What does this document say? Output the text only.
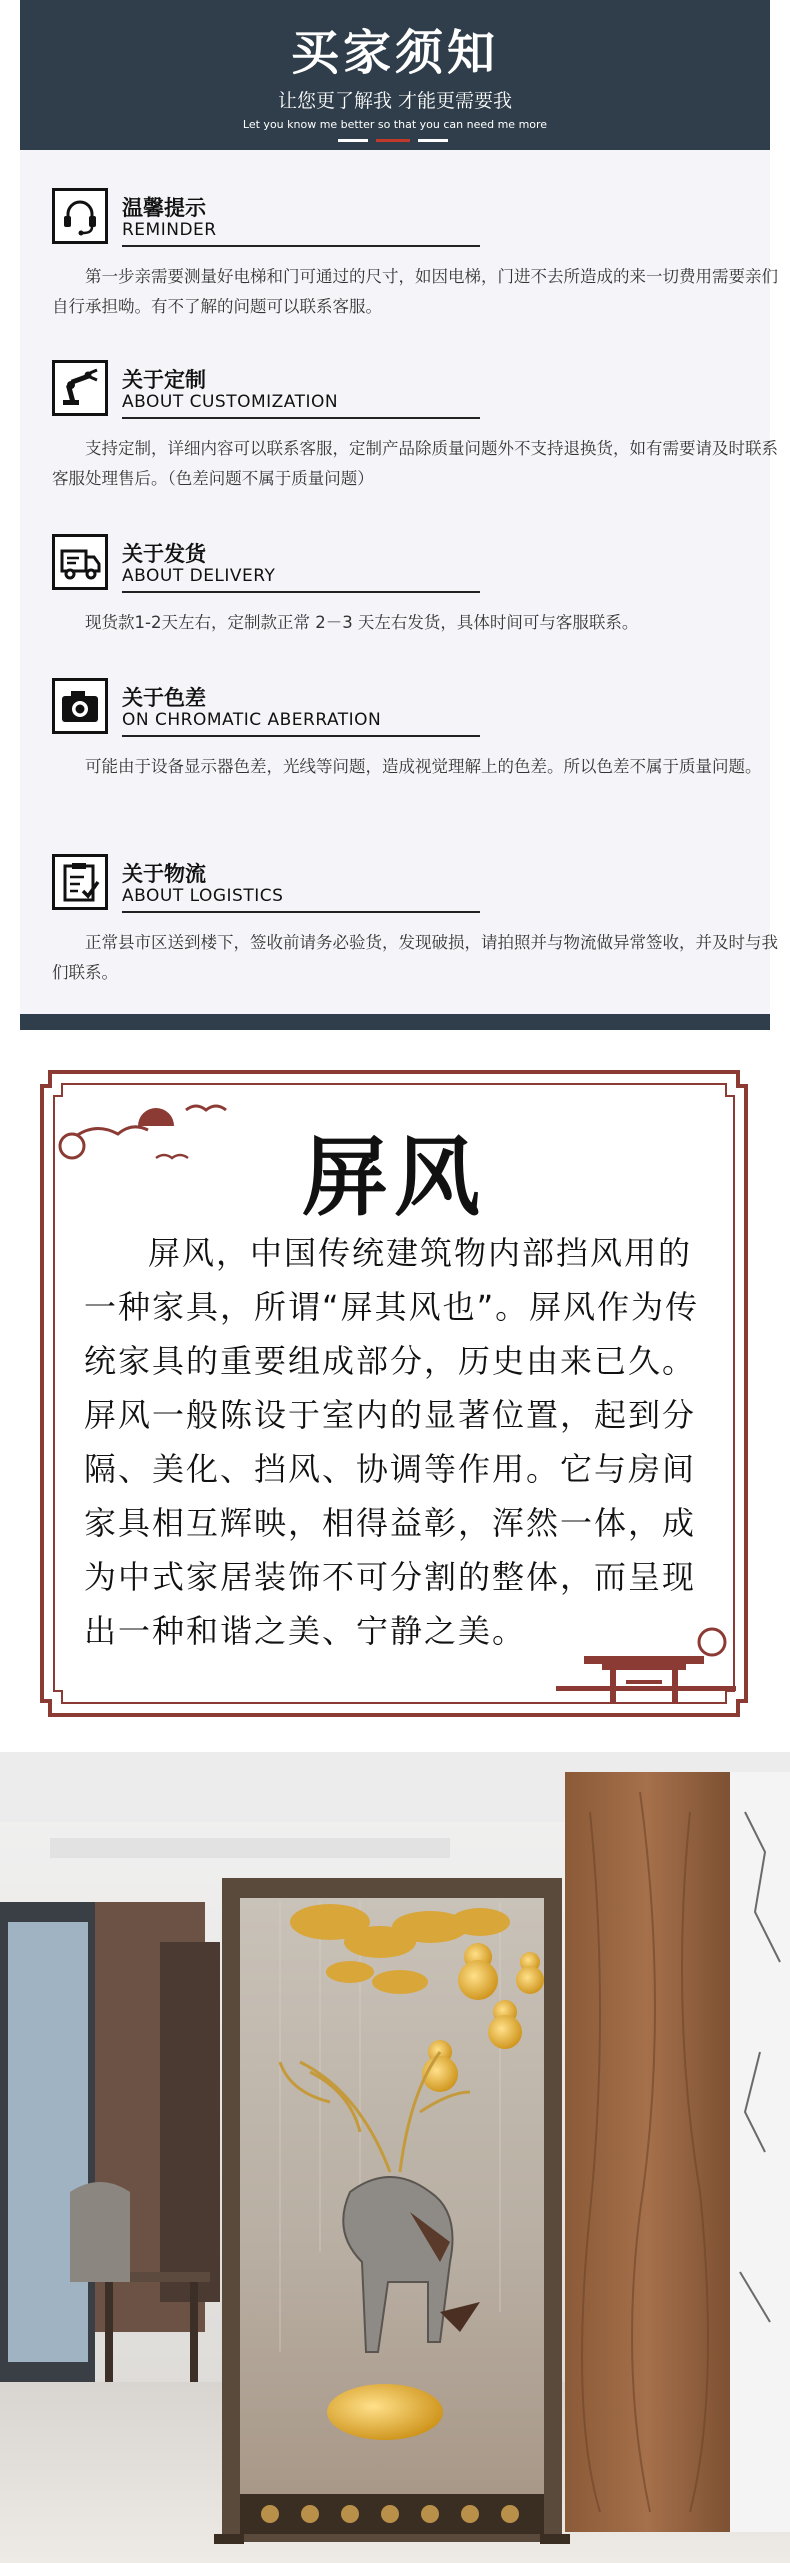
买家须知
让您更了解我 才能更需要我
Let you know me better so that you can need me more
温馨提示
REMINDER
第一步亲需要测量好电梯和门可通过的尺寸，如因电梯，门进不去所造成的来一切费用需要亲们自行承担呦。有不了解的问题可以联系客服。
关于定制
ABOUT CUSTOMIZATION
支持定制，详细内容可以联系客服，定制产品除质量问题外不支持退换货，如有需要请及时联系客服处理售后。（色差问题不属于质量问题）
关于发货
ABOUT DELIVERY
现货款1-2天左右，定制款正常 2－3 天左右发货，具体时间可与客服联系。
关于色差
ON CHROMATIC ABERRATION
可能由于设备显示器色差，光线等问题，造成视觉理解上的色差。所以色差不属于质量问题。
关于物流
ABOUT LOGISTICS
正常县市区送到楼下，签收前请务必验货，发现破损，请拍照并与物流做异常签收，并及时与我们联系。
屏风
屏风，中国传统建筑物内部挡风用的一种家具，所谓“屏其风也”。屏风作为传统家具的重要组成部分，历史由来已久。屏风一般陈设于室内的显著位置，起到分隔、美化、挡风、协调等作用。它与房间家具相互辉映，相得益彰，浑然一体，成为中式家居装饰不可分割的整体，而呈现出一种和谐之美、宁静之美。
